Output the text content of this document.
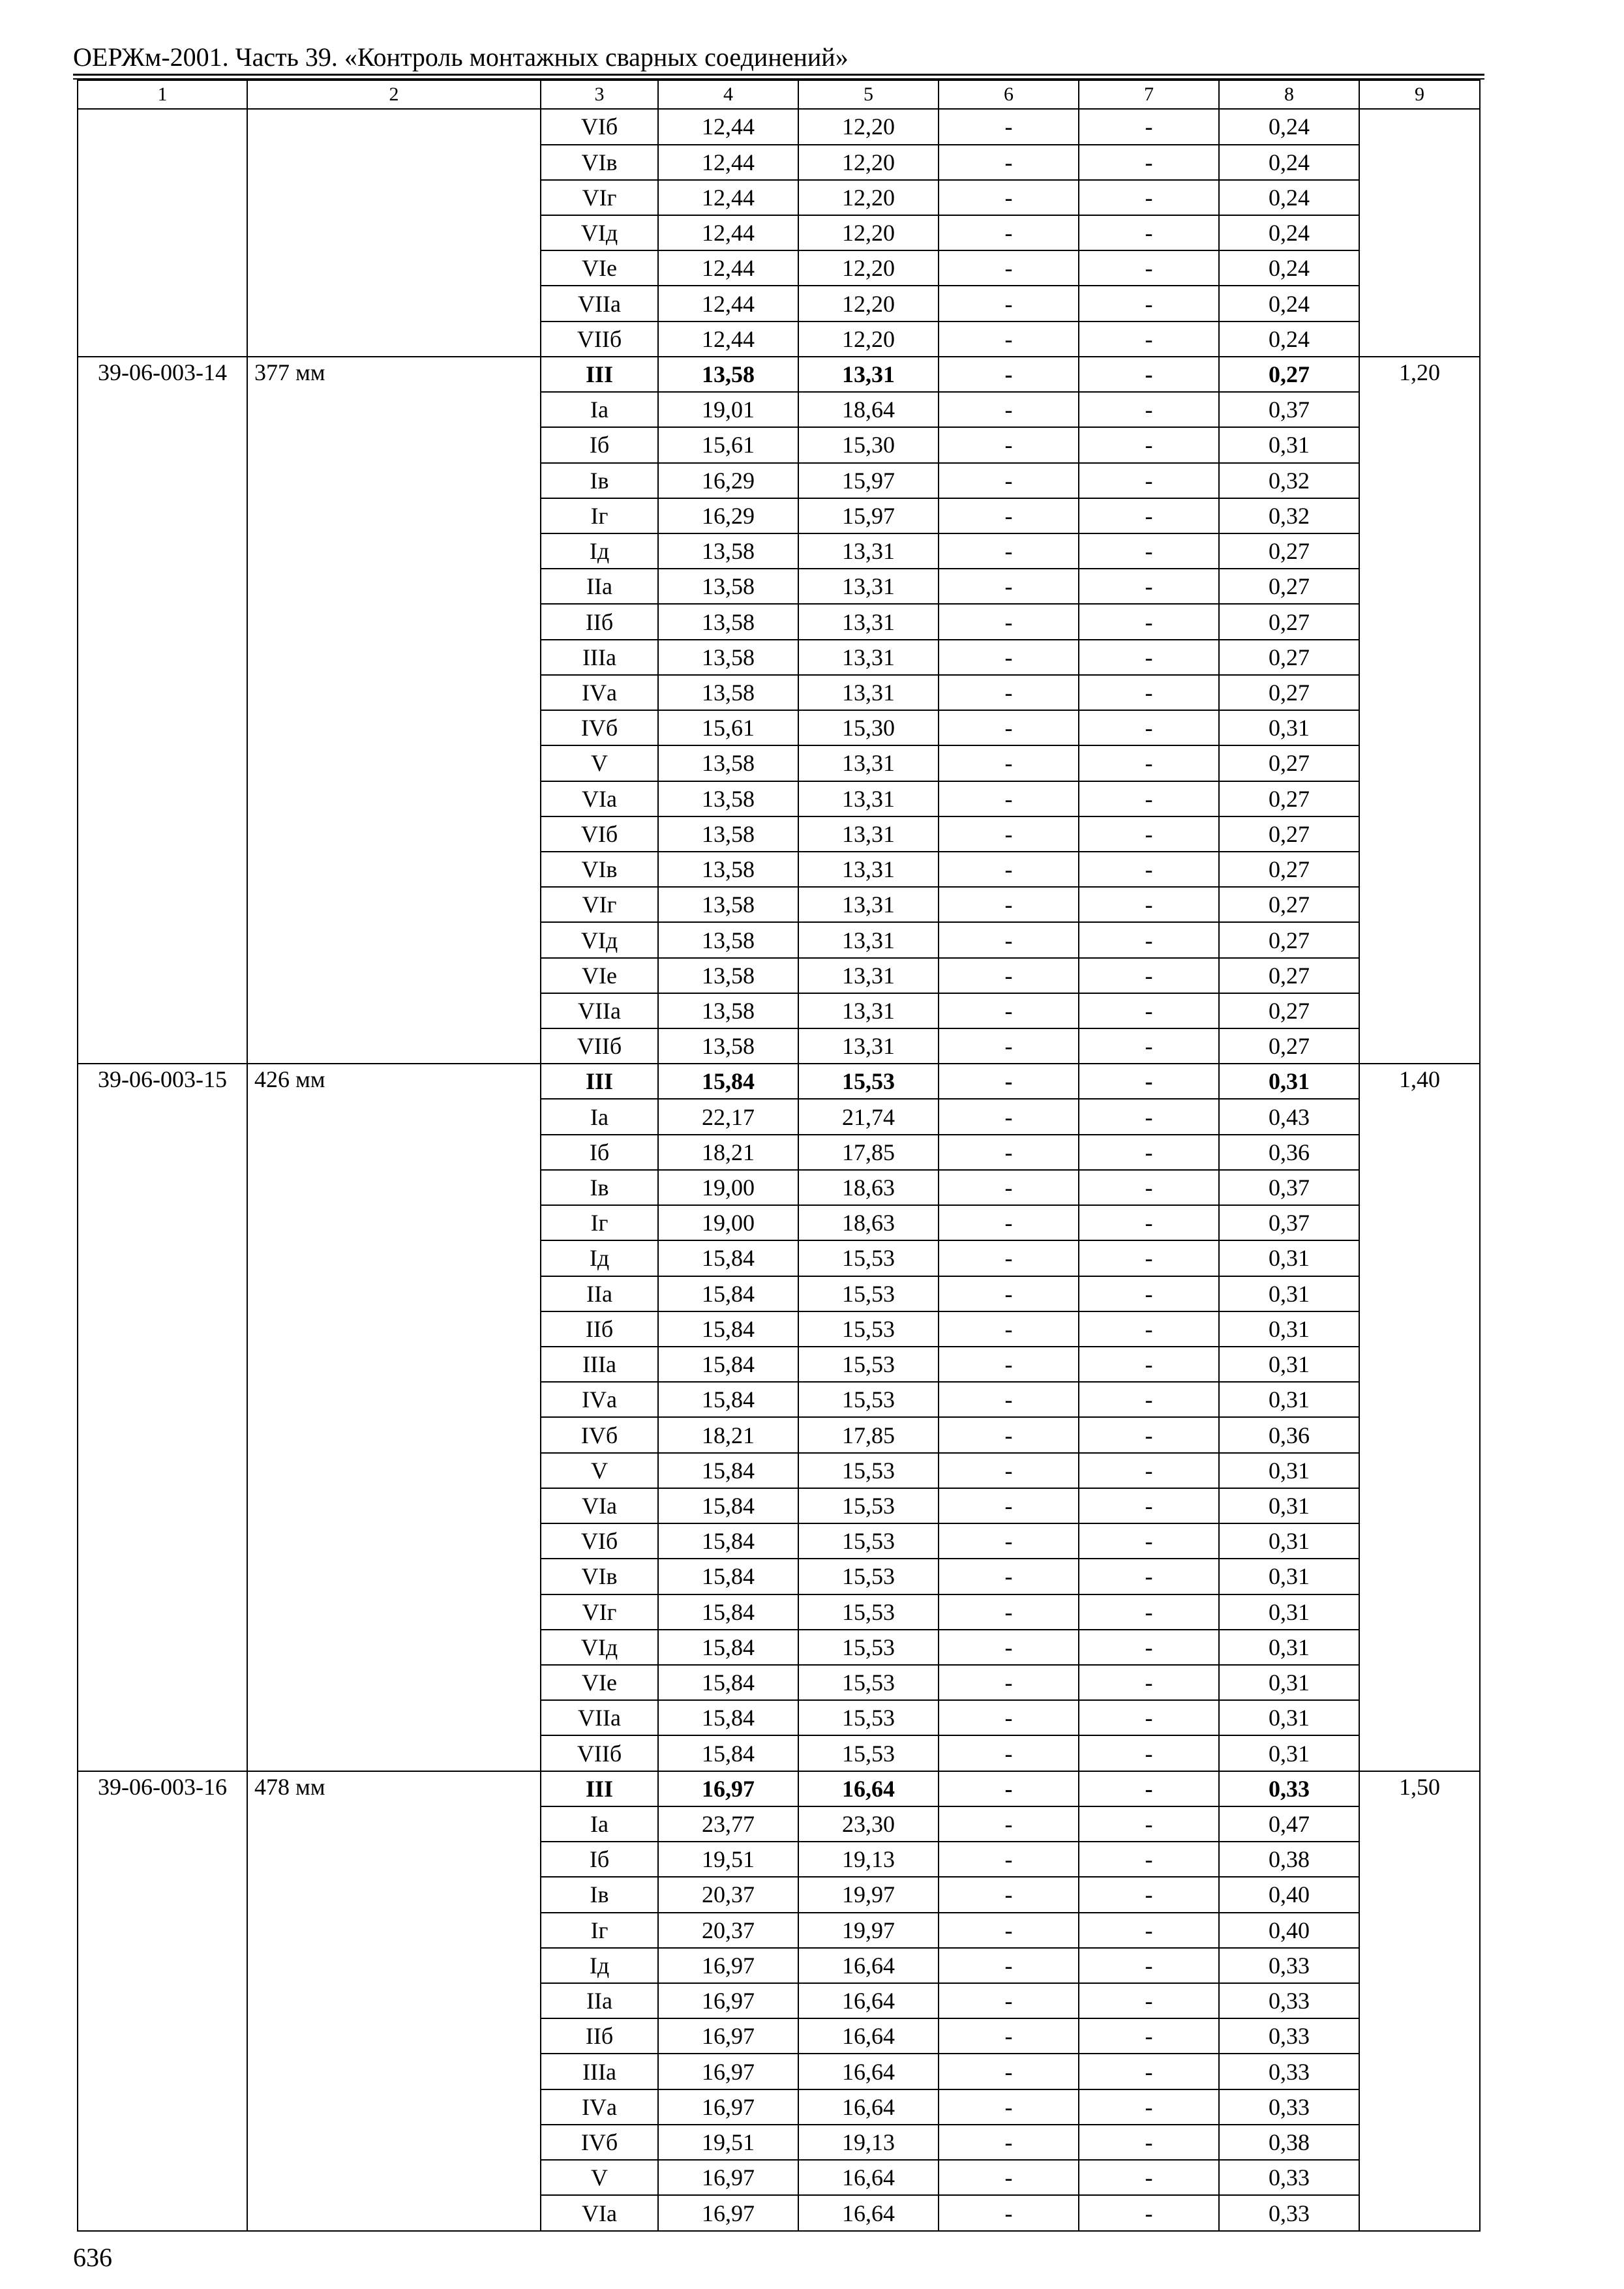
ОЕРЖм-2001. Часть 39. «Контроль монтажных сварных соединений»
1	2	3	4	5	6	7	8	9
		VIб	12,44	12,20	-	-	0,24	
		VIв	12,44	12,20	-	-	0,24	
		VIг	12,44	12,20	-	-	0,24	
		VIд	12,44	12,20	-	-	0,24	
		VIе	12,44	12,20	-	-	0,24	
		VIIа	12,44	12,20	-	-	0,24	
		VIIб	12,44	12,20	-	-	0,24	
39-06-003-14	377 мм	III	13,58	13,31	-	-	0,27	1,20
		Iа	19,01	18,64	-	-	0,37	
		Iб	15,61	15,30	-	-	0,31	
		Iв	16,29	15,97	-	-	0,32	
		Iг	16,29	15,97	-	-	0,32	
		Iд	13,58	13,31	-	-	0,27	
		IIа	13,58	13,31	-	-	0,27	
		IIб	13,58	13,31	-	-	0,27	
		IIIа	13,58	13,31	-	-	0,27	
		IVа	13,58	13,31	-	-	0,27	
		IVб	15,61	15,30	-	-	0,31	
		V	13,58	13,31	-	-	0,27	
		VIа	13,58	13,31	-	-	0,27	
		VIб	13,58	13,31	-	-	0,27	
		VIв	13,58	13,31	-	-	0,27	
		VIг	13,58	13,31	-	-	0,27	
		VIд	13,58	13,31	-	-	0,27	
		VIе	13,58	13,31	-	-	0,27	
		VIIа	13,58	13,31	-	-	0,27	
		VIIб	13,58	13,31	-	-	0,27	
39-06-003-15	426 мм	III	15,84	15,53	-	-	0,31	1,40
		Iа	22,17	21,74	-	-	0,43	
		Iб	18,21	17,85	-	-	0,36	
		Iв	19,00	18,63	-	-	0,37	
		Iг	19,00	18,63	-	-	0,37	
		Iд	15,84	15,53	-	-	0,31	
		IIа	15,84	15,53	-	-	0,31	
		IIб	15,84	15,53	-	-	0,31	
		IIIа	15,84	15,53	-	-	0,31	
		IVа	15,84	15,53	-	-	0,31	
		IVб	18,21	17,85	-	-	0,36	
		V	15,84	15,53	-	-	0,31	
		VIа	15,84	15,53	-	-	0,31	
		VIб	15,84	15,53	-	-	0,31	
		VIв	15,84	15,53	-	-	0,31	
		VIг	15,84	15,53	-	-	0,31	
		VIд	15,84	15,53	-	-	0,31	
		VIе	15,84	15,53	-	-	0,31	
		VIIа	15,84	15,53	-	-	0,31	
		VIIб	15,84	15,53	-	-	0,31	
39-06-003-16	478 мм	III	16,97	16,64	-	-	0,33	1,50
		Iа	23,77	23,30	-	-	0,47	
		Iб	19,51	19,13	-	-	0,38	
		Iв	20,37	19,97	-	-	0,40	
		Iг	20,37	19,97	-	-	0,40	
		Iд	16,97	16,64	-	-	0,33	
		IIа	16,97	16,64	-	-	0,33	
		IIб	16,97	16,64	-	-	0,33	
		IIIа	16,97	16,64	-	-	0,33	
		IVа	16,97	16,64	-	-	0,33	
		IVб	19,51	19,13	-	-	0,38	
		V	16,97	16,64	-	-	0,33	
		VIа	16,97	16,64	-	-	0,33	
636
